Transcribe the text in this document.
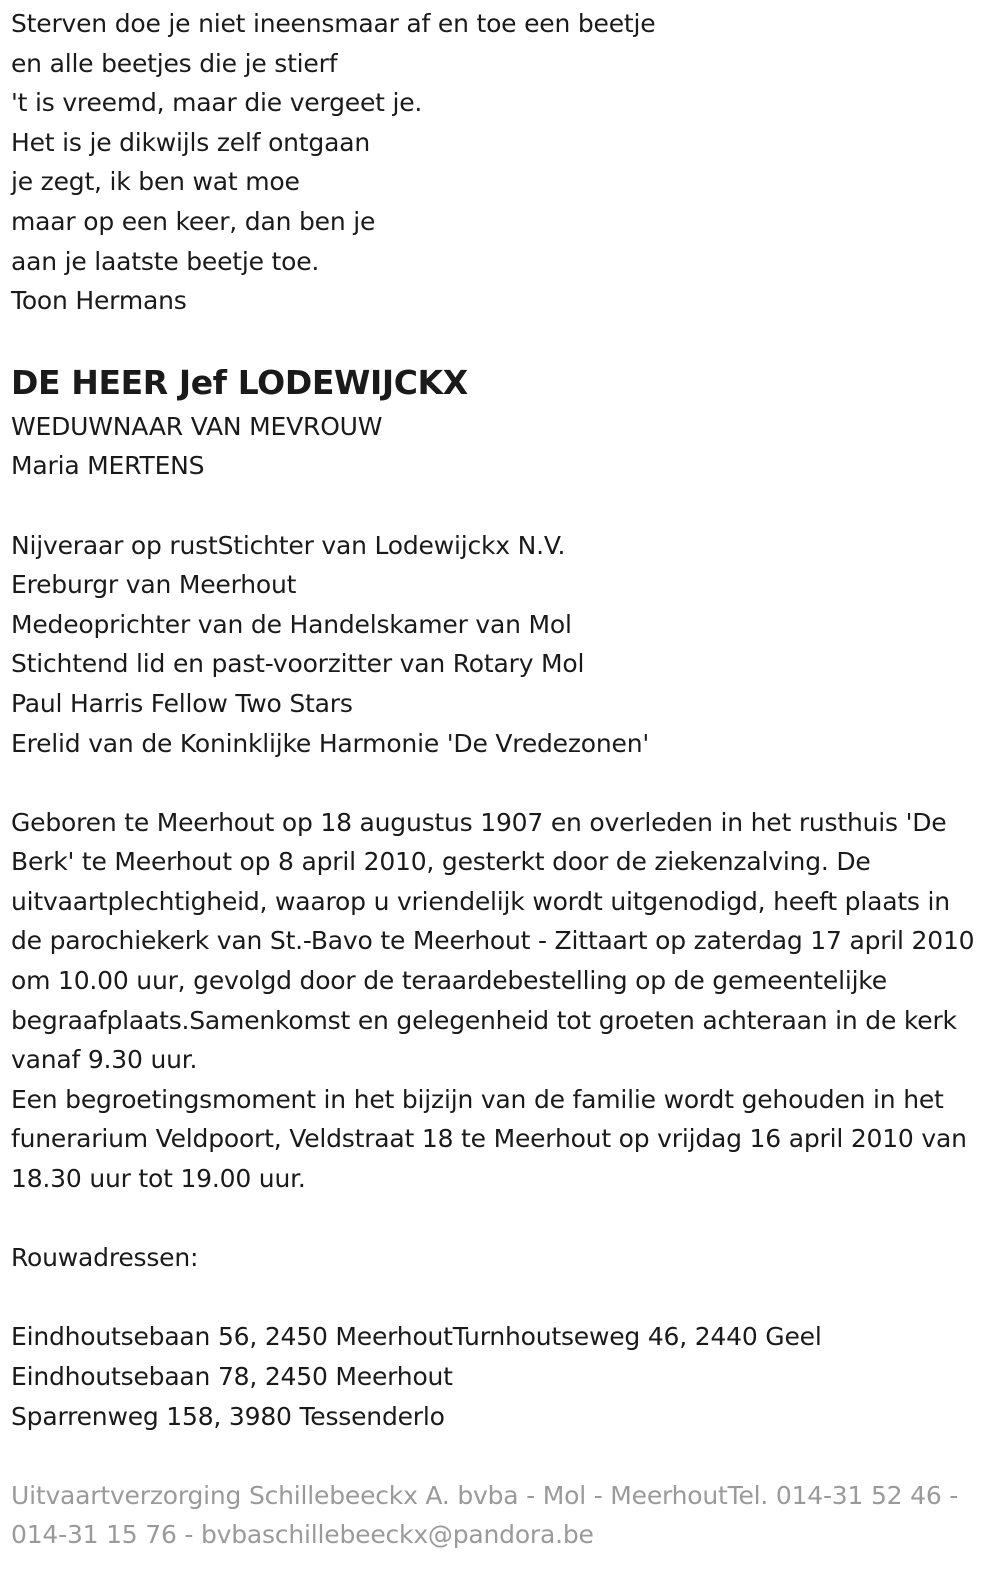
Sterven doe je niet ineensmaar af en toe een beetje
en alle beetjes die je stierf
't is vreemd, maar die vergeet je.
Het is je dikwijls zelf ontgaan
je zegt, ik ben wat moe
maar op een keer, dan ben je
aan je laatste beetje toe.
Toon Hermans
DE HEER Jef LODEWIJCKX
WEDUWNAAR VAN MEVROUW
Maria MERTENS
Nijveraar op rustStichter van Lodewijckx N.V.
Ereburgr van Meerhout
Medeoprichter van de Handelskamer van Mol
Stichtend lid en past-voorzitter van Rotary Mol
Paul Harris Fellow Two Stars
Erelid van de Koninklijke Harmonie 'De Vredezonen'
Geboren te Meerhout op 18 augustus 1907 en overleden in het rusthuis 'De Berk' te Meerhout op 8 april 2010, gesterkt door de ziekenzalving. De uitvaartplechtigheid, waarop u vriendelijk wordt uitgenodigd, heeft plaats in de parochiekerk van St.-Bavo te Meerhout - Zittaart op zaterdag 17 april 2010 om 10.00 uur, gevolgd door de teraardebestelling op de gemeentelijke begraafplaats.Samenkomst en gelegenheid tot groeten achteraan in de kerk vanaf 9.30 uur.
Een begroetingsmoment in het bijzijn van de familie wordt gehouden in het funerarium Veldpoort, Veldstraat 18 te Meerhout op vrijdag 16 april 2010 van 18.30 uur tot 19.00 uur.
Rouwadressen:
Eindhoutsebaan 56, 2450 MeerhoutTurnhoutseweg 46, 2440 Geel
Eindhoutsebaan 78, 2450 Meerhout
Sparrenweg 158, 3980 Tessenderlo
Uitvaartverzorging Schillebeeckx A. bvba - Mol - MeerhoutTel. 014-31 52 46 - 014-31 15 76 - bvbaschillebeeckx@pandora.be
